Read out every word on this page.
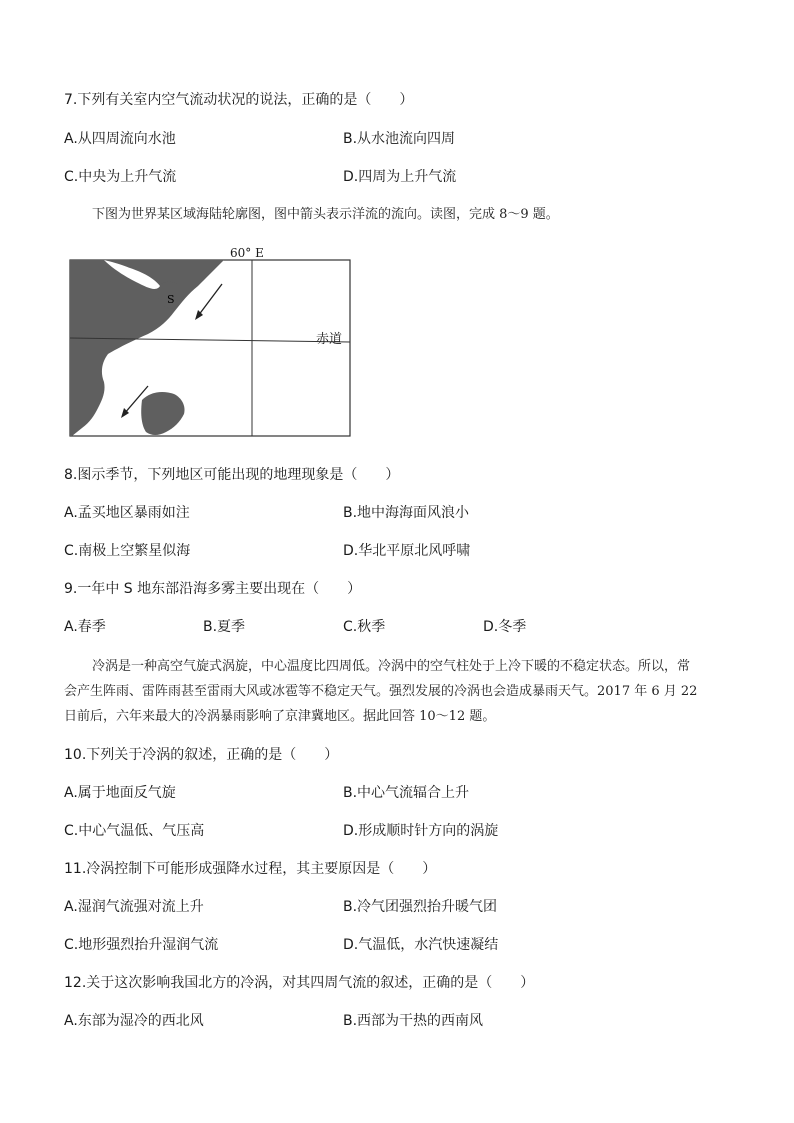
7.下列有关室内空气流动状况的说法，正确的是（　　）
A.从四周流向水池	B.从水池流向四周
C.中央为上升气流	D.四周为上升气流
下图为世界某区域海陆轮廓图，图中箭头表示洋流的流向。读图，完成 8～9 题。
60° E
S
赤道
8.图示季节，下列地区可能出现的地理现象是（　　）
A.孟买地区暴雨如注	B.地中海海面风浪小
C.南极上空繁星似海	D.华北平原北风呼啸
9.一年中 S 地东部沿海多雾主要出现在（　　）
A.春季	B.夏季	C.秋季	D.冬季
冷涡是一种高空气旋式涡旋，中心温度比四周低。冷涡中的空气柱处于上冷下暖的不稳定状态。所以，常
会产生阵雨、雷阵雨甚至雷雨大风或冰雹等不稳定天气。强烈发展的冷涡也会造成暴雨天气。2017 年 6 月 22
日前后，六年来最大的冷涡暴雨影响了京津冀地区。据此回答 10～12 题。
10.下列关于冷涡的叙述，正确的是（　　）
A.属于地面反气旋	B.中心气流辐合上升
C.中心气温低、气压高	D.形成顺时针方向的涡旋
11.冷涡控制下可能形成强降水过程，其主要原因是（　　）
A.湿润气流强对流上升	B.冷气团强烈抬升暖气团
C.地形强烈抬升湿润气流	D.气温低，水汽快速凝结
12.关于这次影响我国北方的冷涡，对其四周气流的叙述，正确的是（　　）
A.东部为湿冷的西北风	B.西部为干热的西南风
